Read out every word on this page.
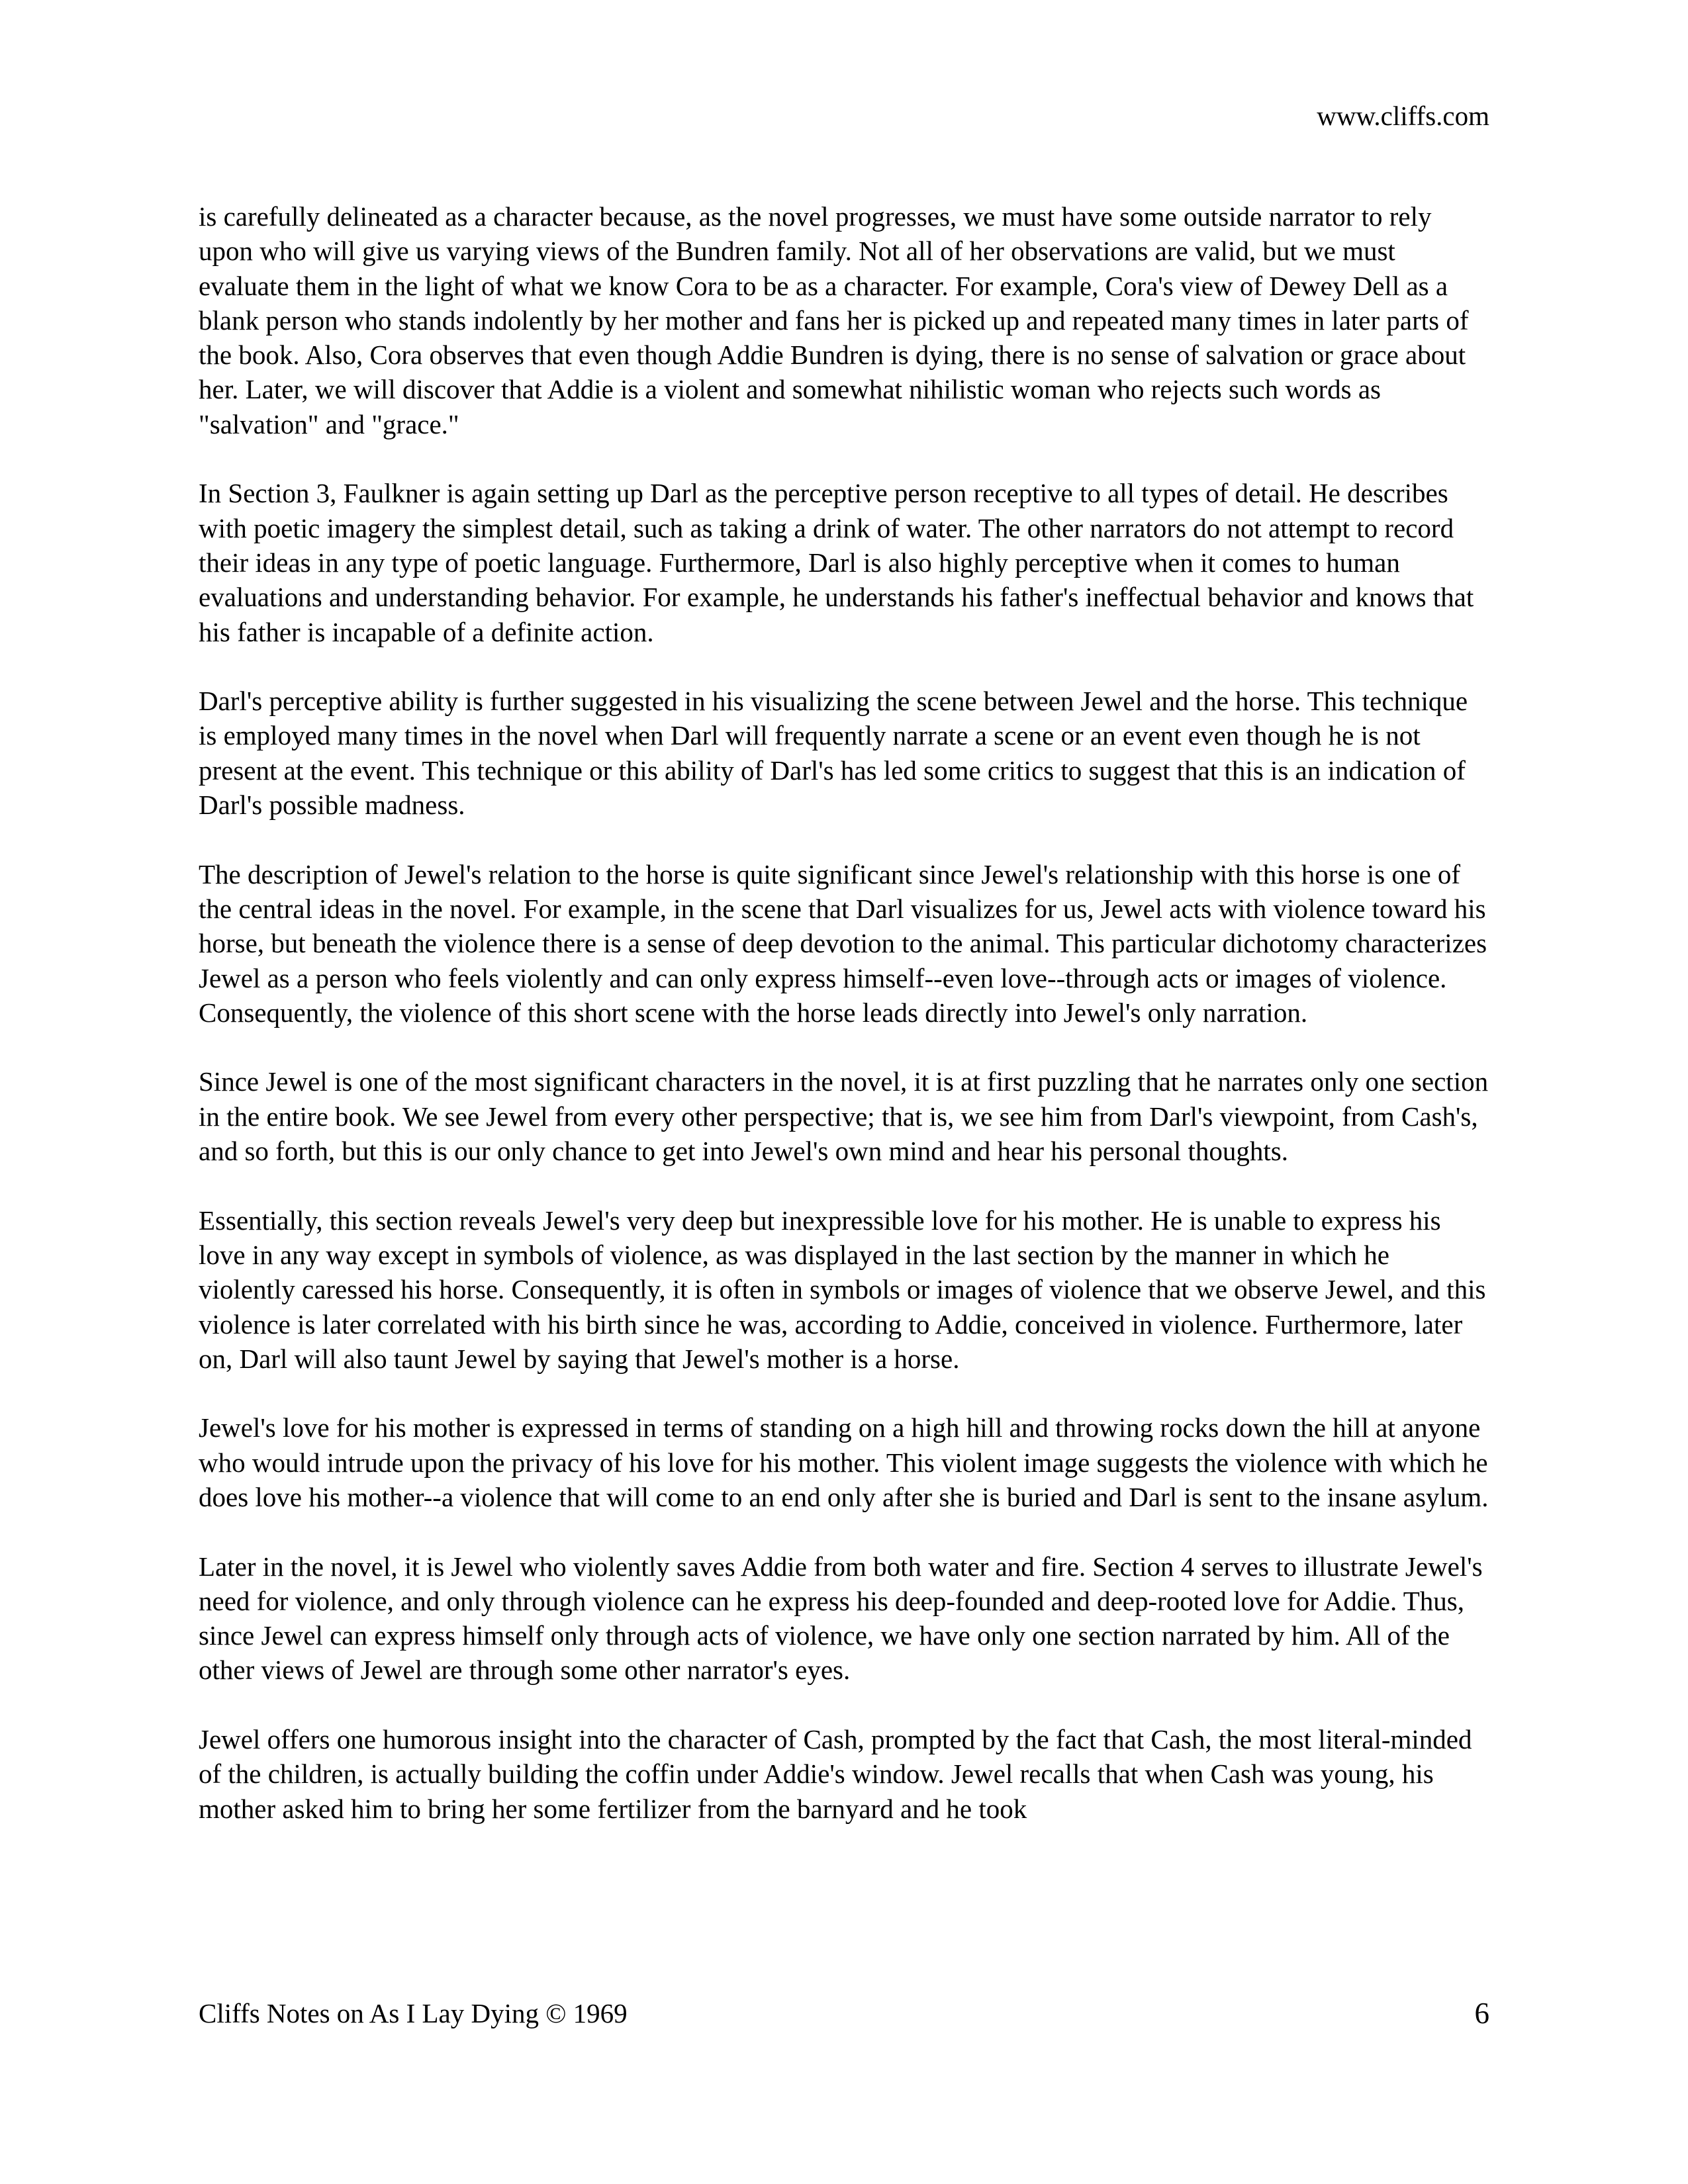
www.cliffs.com

is carefully delineated as a character because, as the novel progresses, we must have some outside narrator to rely upon who will give us varying views of the Bundren family. Not all of her observations are valid, but we must evaluate them in the light of what we know Cora to be as a character. For example, Cora's view of Dewey Dell as a blank person who stands indolently by her mother and fans her is picked up and repeated many times in later parts of the book. Also, Cora observes that even though Addie Bundren is dying, there is no sense of salvation or grace about her. Later, we will discover that Addie is a violent and somewhat nihilistic woman who rejects such words as "salvation" and "grace."

In Section 3, Faulkner is again setting up Darl as the perceptive person receptive to all types of detail. He describes with poetic imagery the simplest detail, such as taking a drink of water. The other narrators do not attempt to record their ideas in any type of poetic language. Furthermore, Darl is also highly perceptive when it comes to human evaluations and understanding behavior. For example, he understands his father's ineffectual behavior and knows that his father is incapable of a definite action.

Darl's perceptive ability is further suggested in his visualizing the scene between Jewel and the horse. This technique is employed many times in the novel when Darl will frequently narrate a scene or an event even though he is not present at the event. This technique or this ability of Darl's has led some critics to suggest that this is an indication of Darl's possible madness.

The description of Jewel's relation to the horse is quite significant since Jewel's relationship with this horse is one of the central ideas in the novel. For example, in the scene that Darl visualizes for us, Jewel acts with violence toward his horse, but beneath the violence there is a sense of deep devotion to the animal. This particular dichotomy characterizes Jewel as a person who feels violently and can only express himself--even love--through acts or images of violence. Consequently, the violence of this short scene with the horse leads directly into Jewel's only narration.

Since Jewel is one of the most significant characters in the novel, it is at first puzzling that he narrates only one section in the entire book. We see Jewel from every other perspective; that is, we see him from Darl's viewpoint, from Cash's, and so forth, but this is our only chance to get into Jewel's own mind and hear his personal thoughts.

Essentially, this section reveals Jewel's very deep but inexpressible love for his mother. He is unable to express his love in any way except in symbols of violence, as was displayed in the last section by the manner in which he violently caressed his horse. Consequently, it is often in symbols or images of violence that we observe Jewel, and this violence is later correlated with his birth since he was, according to Addie, conceived in violence. Furthermore, later on, Darl will also taunt Jewel by saying that Jewel's mother is a horse.

Jewel's love for his mother is expressed in terms of standing on a high hill and throwing rocks down the hill at anyone who would intrude upon the privacy of his love for his mother. This violent image suggests the violence with which he does love his mother--a violence that will come to an end only after she is buried and Darl is sent to the insane asylum.

Later in the novel, it is Jewel who violently saves Addie from both water and fire. Section 4 serves to illustrate Jewel's need for violence, and only through violence can he express his deep-founded and deep-rooted love for Addie. Thus, since Jewel can express himself only through acts of violence, we have only one section narrated by him. All of the other views of Jewel are through some other narrator's eyes.

Jewel offers one humorous insight into the character of Cash, prompted by the fact that Cash, the most literal-minded of the children, is actually building the coffin under Addie's window. Jewel recalls that when Cash was young, his mother asked him to bring her some fertilizer from the barnyard and he took

Cliffs Notes on As I Lay Dying © 1969	6
